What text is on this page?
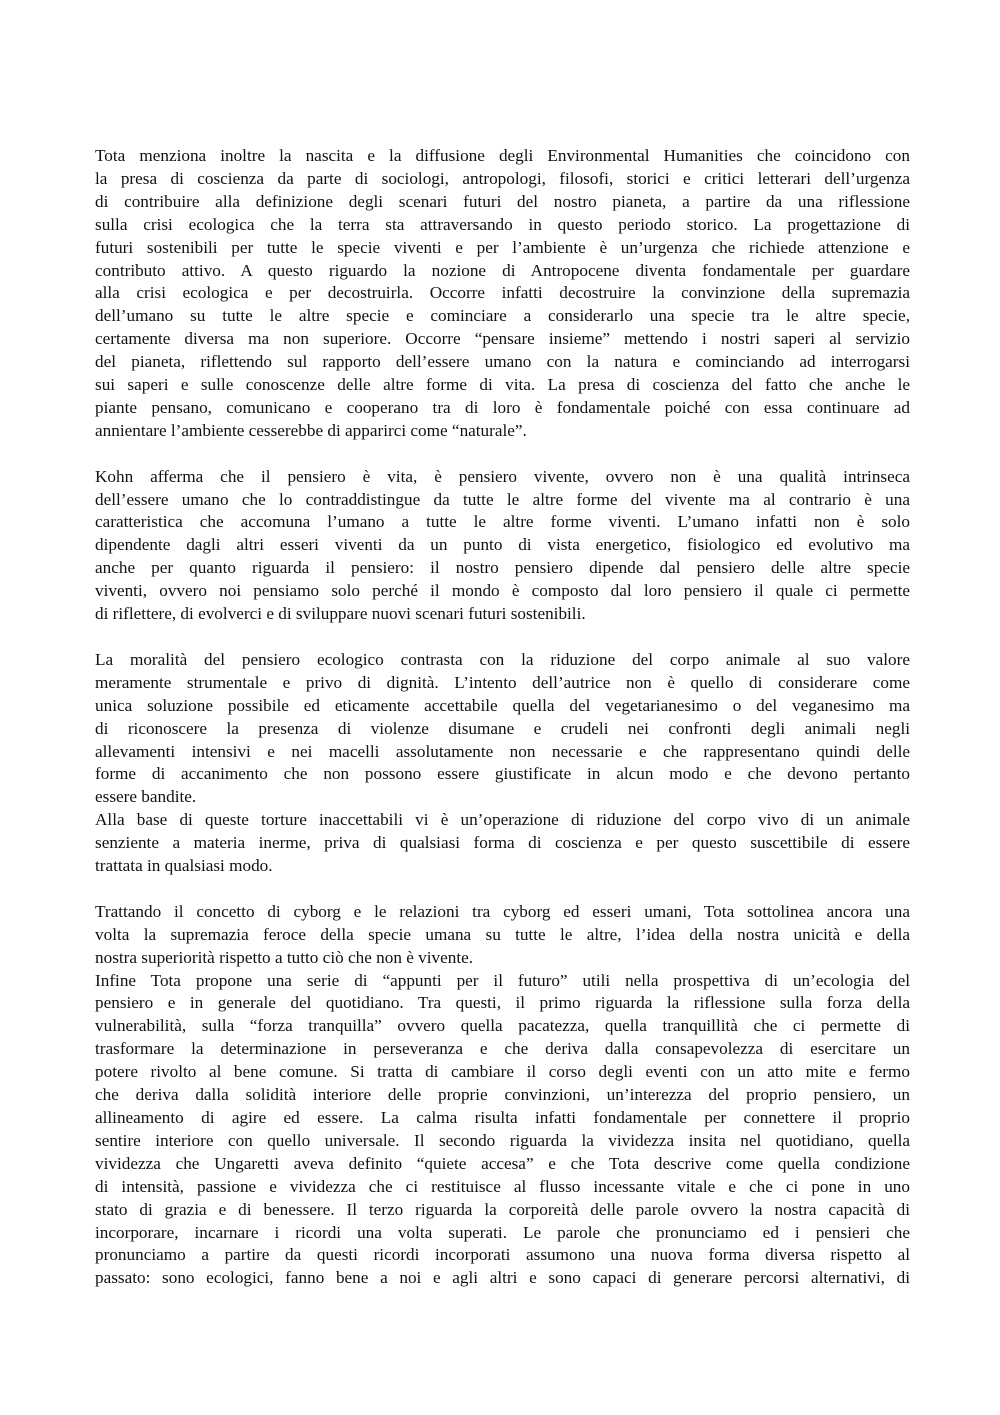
Tota menziona inoltre la nascita e la diffusione degli Environmental Humanities che coincidono con
la presa di coscienza da parte di sociologi, antropologi, filosofi, storici e critici letterari dell’urgenza
di contribuire alla definizione degli scenari futuri del nostro pianeta, a partire da una riflessione
sulla crisi ecologica che la terra sta attraversando in questo periodo storico. La progettazione di
futuri sostenibili per tutte le specie viventi e per l’ambiente è un’urgenza che richiede attenzione e
contributo attivo. A questo riguardo la nozione di Antropocene diventa fondamentale per guardare
alla crisi ecologica e per decostruirla. Occorre infatti decostruire la convinzione della supremazia
dell’umano su tutte le altre specie e cominciare a considerarlo una specie tra le altre specie,
certamente diversa ma non superiore. Occorre “pensare insieme” mettendo i nostri saperi al servizio
del pianeta, riflettendo sul rapporto dell’essere umano con la natura e cominciando ad interrogarsi
sui saperi e sulle conoscenze delle altre forme di vita. La presa di coscienza del fatto che anche le
piante pensano, comunicano e cooperano tra di loro è fondamentale poiché con essa continuare ad
annientare l’ambiente cesserebbe di apparirci come “naturale”.

Kohn afferma che il pensiero è vita, è pensiero vivente, ovvero non è una qualità intrinseca
dell’essere umano che lo contraddistingue da tutte le altre forme del vivente ma al contrario è una
caratteristica che accomuna l’umano a tutte le altre forme viventi. L’umano infatti non è solo
dipendente dagli altri esseri viventi da un punto di vista energetico, fisiologico ed evolutivo ma
anche per quanto riguarda il pensiero: il nostro pensiero dipende dal pensiero delle altre specie
viventi, ovvero noi pensiamo solo perché il mondo è composto dal loro pensiero il quale ci permette
di riflettere, di evolverci e di sviluppare nuovi scenari futuri sostenibili.

La moralità del pensiero ecologico contrasta con la riduzione del corpo animale al suo valore
meramente strumentale e privo di dignità. L’intento dell’autrice non è quello di considerare come
unica soluzione possibile ed eticamente accettabile quella del vegetarianesimo o del veganesimo ma
di riconoscere la presenza di violenze disumane e crudeli nei confronti degli animali negli
allevamenti intensivi e nei macelli assolutamente non necessarie e che rappresentano quindi delle
forme di accanimento che non possono essere giustificate in alcun modo e che devono pertanto
essere bandite.

Alla base di queste torture inaccettabili vi è un’operazione di riduzione del corpo vivo di un animale
senziente a materia inerme, priva di qualsiasi forma di coscienza e per questo suscettibile di essere
trattata in qualsiasi modo.

Trattando il concetto di cyborg e le relazioni tra cyborg ed esseri umani, Tota sottolinea ancora una
volta la supremazia feroce della specie umana su tutte le altre, l’idea della nostra unicità e della
nostra superiorità rispetto a tutto ciò che non è vivente.

Infine Tota propone una serie di “appunti per il futuro” utili nella prospettiva di un’ecologia del
pensiero e in generale del quotidiano. Tra questi, il primo riguarda la riflessione sulla forza della
vulnerabilità, sulla “forza tranquilla” ovvero quella pacatezza, quella tranquillità che ci permette di
trasformare la determinazione in perseveranza e che deriva dalla consapevolezza di esercitare un
potere rivolto al bene comune. Si tratta di cambiare il corso degli eventi con un atto mite e fermo
che deriva dalla solidità interiore delle proprie convinzioni, un’interezza del proprio pensiero, un
allineamento di agire ed essere. La calma risulta infatti fondamentale per connettere il proprio
sentire interiore con quello universale. Il secondo riguarda la vividezza insita nel quotidiano, quella
vividezza che Ungaretti aveva definito “quiete accesa” e che Tota descrive come quella condizione
di intensità, passione e vividezza che ci restituisce al flusso incessante vitale e che ci pone in uno
stato di grazia e di benessere. Il terzo riguarda la corporeità delle parole ovvero la nostra capacità di
incorporare, incarnare i ricordi una volta superati. Le parole che pronunciamo ed i pensieri che
pronunciamo a partire da questi ricordi incorporati assumono una nuova forma diversa rispetto al
passato: sono ecologici, fanno bene a noi e agli altri e sono capaci di generare percorsi alternativi, di
